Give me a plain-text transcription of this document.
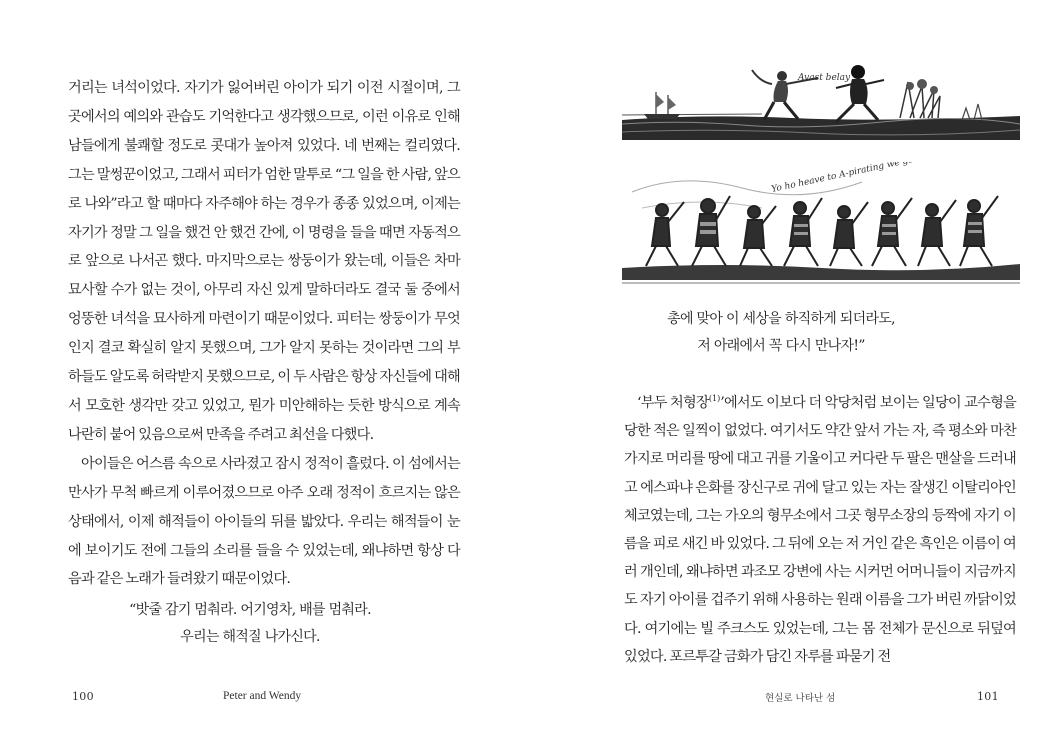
거리는 녀석이었다. 자기가 잃어버린 아이가 되기 이전 시절이며, 그곳에서의 예의와 관습도 기억한다고 생각했으므로, 이런 이유로 인해 남들에게 불쾌할 정도로 콧대가 높아져 있었다. 네 번째는 컬리였다. 그는 말썽꾼이었고, 그래서 피터가 엄한 말투로 “그 일을 한 사람, 앞으로 나와”라고 할 때마다 자주해야 하는 경우가 종종 있었으며, 이제는 자기가 정말 그 일을 했건 안 했건 간에, 이 명령을 들을 때면 자동적으로 앞으로 나서곤 했다. 마지막으로는 쌍둥이가 왔는데, 이들은 차마 묘사할 수가 없는 것이, 아무리 자신 있게 말하더라도 결국 둘 중에서 엉뚱한 녀석을 묘사하게 마련이기 때문이었다. 피터는 쌍둥이가 무엇인지 결코 확실히 알지 못했으며, 그가 알지 못하는 것이라면 그의 부하들도 알도록 허락받지 못했으므로, 이 두 사람은 항상 자신들에 대해서 모호한 생각만 갖고 있었고, 뭔가 미안해하는 듯한 방식으로 계속 나란히 붙어 있음으로써 만족을 주려고 최선을 다했다.

아이들은 어스름 속으로 사라졌고 잠시 정적이 흘렀다. 이 섬에서는 만사가 무척 빠르게 이루어졌으므로 아주 오래 정적이 흐르지는 않은 상태에서, 이제 해적들이 아이들의 뒤를 밟았다. 우리는 해적들이 눈에 보이기도 전에 그들의 소리를 들을 수 있었는데, 왜냐하면 항상 다음과 같은 노래가 들려왔기 때문이었다.

“밧줄 감기 멈춰라. 어기영차, 배를 멈춰라.
우리는 해적질 나가신다.
100	Peter and Wendy
Avast belay
Yo ho heave to A-pirating we go
총에 맞아 이 세상을 하직하게 되더라도,
저 아래에서 꼭 다시 만나자!”

‘부두 처형장$^{(1)}$’에서도 이보다 더 악당처럼 보이는 일당이 교수형을 당한 적은 일찍이 없었다. 여기서도 약간 앞서 가는 자, 즉 평소와 마찬가지로 머리를 땅에 대고 귀를 기울이고 커다란 두 팔은 맨살을 드러내고 에스파냐 은화를 장신구로 귀에 달고 있는 자는 잘생긴 이탈리아인 체코였는데, 그는 가오의 형무소에서 그곳 형무소장의 등짝에 자기 이름을 피로 새긴 바 있었다. 그 뒤에 오는 저 거인 같은 흑인은 이름이 여러 개인데, 왜냐하면 과조모 강변에 사는 시커먼 어머니들이 지금까지도 자기 아이를 겁주기 위해 사용하는 원래 이름을 그가 버린 까닭이었다. 여기에는 빌 주크스도 있었는데, 그는 몸 전체가 문신으로 뒤덮여 있었다. 포르투갈 금화가 담긴 자루를 파묻기 전

현실로 나타난 섬	101
